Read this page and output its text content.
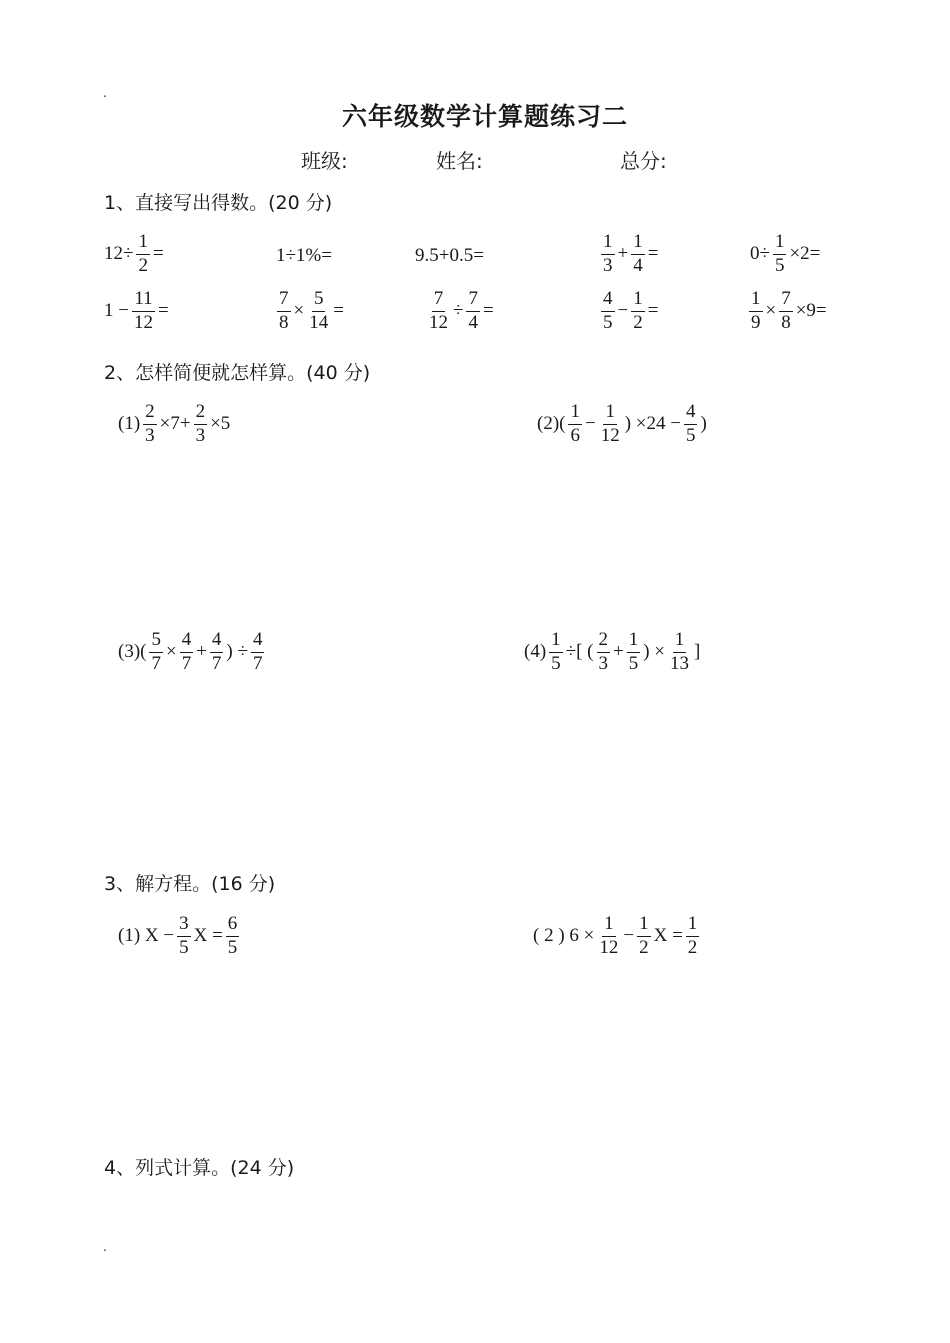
.
.
六年级数学计算题练习二
班级:	姓名:	总分:
1、直接写出得数。(20 分)
2、怎样简便就怎样算。(40 分)
3、解方程。(16 分)
4、列式计算。(24 分)
$12\div \frac{1}{2}$ =	1÷1%=	9.5+0.5=	$\frac{1}{3} + \frac{1}{4}$ =	$0\div \frac{1}{5} \times 2=$
$1 - \frac{11}{12}$ =	$\frac{7}{8} \times \frac{5}{14}$ =	$\frac{7}{12} \div \frac{7}{4}$ =	$\frac{4}{5} - \frac{1}{2}$ =	$\frac{1}{9} \times \frac{7}{8} \times 9=$
$(1) \frac{2}{3} \times 7+ \frac{2}{3} \times 5$	$(2)( \frac{1}{6} - \frac{1}{12}$ ) $\times 24 - \frac{4}{5}$ )
$(3)( \frac{5}{7} \times \frac{4}{7} + \frac{4}{7}$ ) ÷ $\frac{4}{7}$	$(4) \frac{1}{5}$ ÷[ ( $\frac{2}{3} + \frac{1}{5}$ ) × $\frac{1}{13}$ ]
(1) $X - \frac{3}{5}$ $X = \frac{6}{5}$	( 2 ) $6 \times \frac{1}{12} - \frac{1}{2}$ $X = \frac{1}{2}$
